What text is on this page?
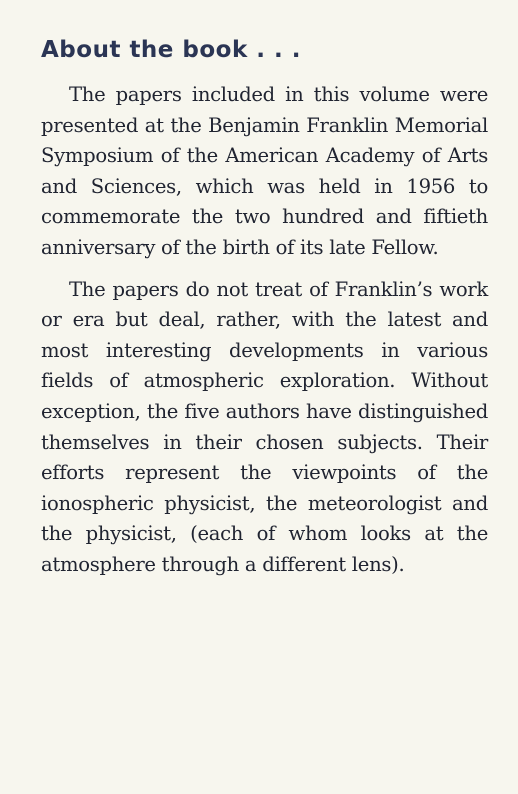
About the book . . .

The papers included in this volume were presented at the Benjamin Franklin Memorial Symposium of the American Academy of Arts and Sciences, which was held in 1956 to commemorate the two hundred and fiftieth anniversary of the birth of its late Fellow.

The papers do not treat of Franklin’s work or era but deal, rather, with the latest and most interesting developments in various fields of atmospheric exploration. Without exception, the five authors have distinguished themselves in their chosen subjects. Their efforts represent the viewpoints of the ionospheric physicist, the meteorologist and the physicist, (each of whom looks at the atmosphere through a different lens).
